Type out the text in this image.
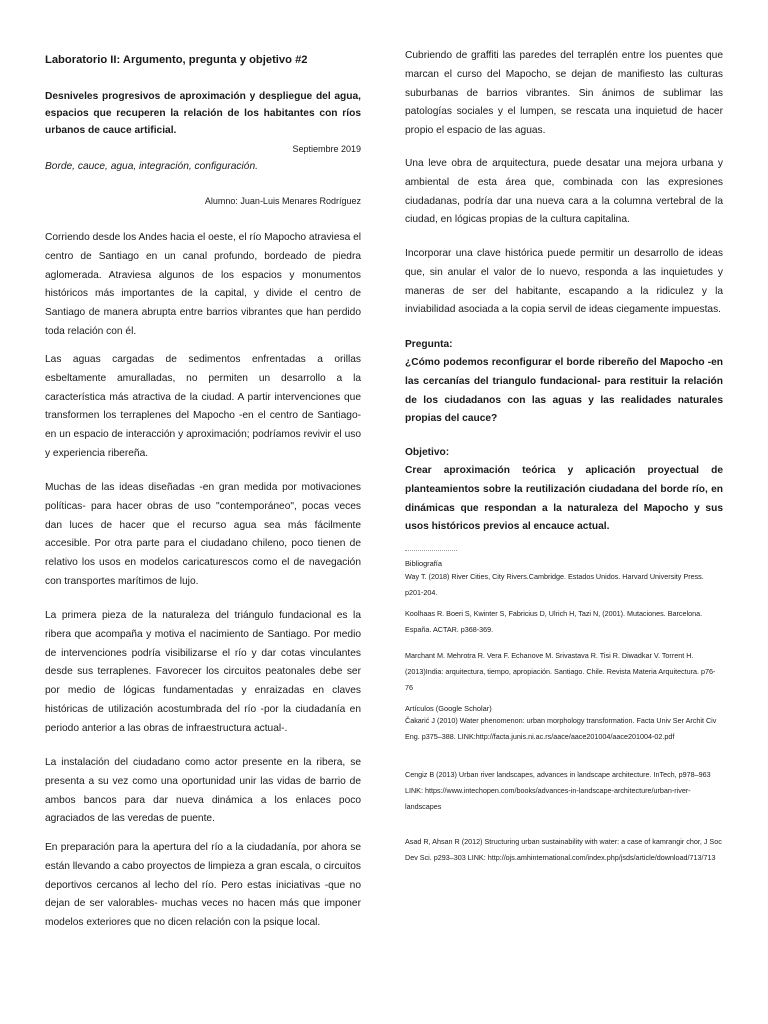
Laboratorio II: Argumento, pregunta y objetivo #2

Desniveles progresivos de aproximación y despliegue del agua, espacios que recuperen la relación de los habitantes con ríos urbanos de cauce artificial.

Septiembre 2019

Borde, cauce, agua, integración, configuración.

Alumno: Juan-Luis Menares Rodríguez

Corriendo desde los Andes hacia el oeste, el río Mapocho atraviesa el centro de Santiago en un canal profundo, bordeado de piedra aglomerada. Atraviesa algunos de los espacios y monumentos históricos más importantes de la capital, y divide el centro de Santiago de manera abrupta entre barrios vibrantes que han perdido toda relación con él.

Las aguas cargadas de sedimentos enfrentadas a orillas esbeltamente amuralladas, no permiten un desarrollo a la característica más atractiva de la ciudad. A partir intervenciones que transformen los terraplenes del Mapocho -en el centro de Santiago- en un espacio de interacción y aproximación; podríamos revivir el uso y experiencia ribereña.

Muchas de las ideas diseñadas -en gran medida por motivaciones políticas- para hacer obras de uso "contemporáneo", pocas veces dan luces de hacer que el recurso agua sea más fácilmente accesible. Por otra parte para el ciudadano chileno, poco tienen de relativo los usos en modelos caricaturescos como el de navegación con transportes marítimos de lujo.

La primera pieza de la naturaleza del triángulo fundacional es la ribera que acompaña y motiva el nacimiento de Santiago. Por medio de intervenciones podría visibilizarse el río y dar cotas vinculantes desde sus terraplenes. Favorecer los circuitos peatonales debe ser por medio de lógicas fundamentadas y enraizadas en claves históricas de utilización acostumbrada del río -por la ciudadanía en periodo anterior a las obras de infraestructura actual-.

La instalación del ciudadano como actor presente en la ribera, se presenta a su vez como una oportunidad unir las vidas de barrio de ambos bancos para dar nueva dinámica a los enlaces poco agraciados de las veredas de puente.

En preparación para la apertura del río a la ciudadanía, por ahora se están llevando a cabo proyectos de limpieza a gran escala, o circuitos deportivos cercanos al lecho del río. Pero estas iniciativas -que no dejan de ser valorables- muchas veces no hacen más que imponer modelos exteriores que no dicen relación con la psique local.

Cubriendo de graffiti las paredes del terraplén entre los puentes que marcan el curso del Mapocho, se dejan de manifiesto las culturas suburbanas de barrios vibrantes. Sin ánimos de sublimar las patologías sociales y el lumpen, se rescata una inquietud de hacer propio el espacio de las aguas.

Una leve obra de arquitectura, puede desatar una mejora urbana y ambiental de esta área que, combinada con las expresiones ciudadanas, podría dar una nueva cara a la columna vertebral de la ciudad, en lógicas propias de la cultura capitalina.

Incorporar una clave histórica puede permitir un desarrollo de ideas que, sin anular el valor de lo nuevo, responda a las inquietudes y maneras de ser del habitante, escapando a la ridiculez y la inviabilidad asociada a la copia servil de ideas ciegamente impuestas.

Pregunta:

¿Cómo podemos reconfigurar el borde ribereño del Mapocho -en las cercanías del triangulo fundacional- para restituir la relación de los ciudadanos con las aguas y las realidades naturales propias del cauce?

Objetivo:

Crear aproximación teórica y aplicación proyectual de planteamientos sobre la reutilización ciudadana del borde río, en dinámicas que respondan a la naturaleza del Mapocho y sus usos históricos previos al encauce actual.

Bibliografía

Way T. (2018) River Cities, City Rivers.Cambridge. Estados Unidos. Harvard University Press. p201-204.

Koolhaas R. Boeri S, Kwinter S, Fabricius D, Ulrich H, Tazi N, (2001). Mutaciones. Barcelona. España. ACTAR. p368-369.

Marchant M. Mehrotra R. Vera F. Echanove M. Srivastava R. Tisi R. Diwadkar V. Torrent H. (2013)India: arquitectura, tiempo, apropiación. Santiago. Chile. Revista Materia Arquitectura. p76-76

Artículos (Google Scholar)

Čakarić J (2010) Water phenomenon: urban morphology transformation. Facta Univ Ser Archit Civ Eng. p375–388. LINK:http://facta.junis.ni.ac.rs/aace/aace201004/aace201004-02.pdf

Cengiz B (2013) Urban river landscapes, advances in landscape architecture. InTech, p978–963 LINK: https://www.intechopen.com/books/advances-in-landscape-architecture/urban-river-landscapes

Asad R, Ahsan R (2012) Structuring urban sustainability with water: a case of kamrangir chor, J Soc Dev Sci. p293–303 LINK: http://ojs.amhinternational.com/index.php/jsds/article/download/713/713
